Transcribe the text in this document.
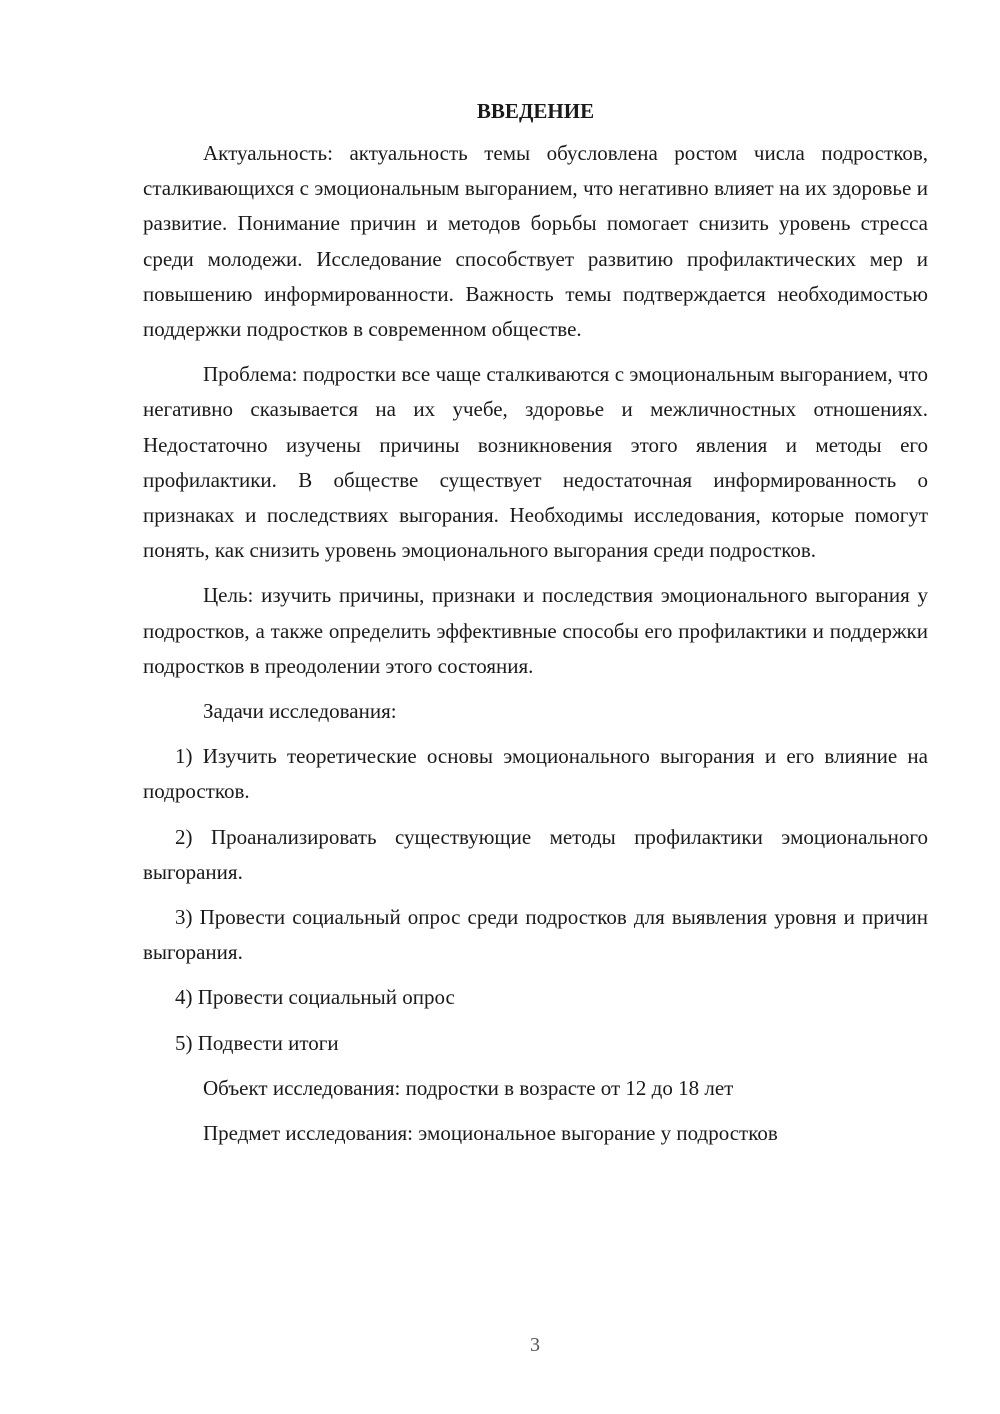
ВВЕДЕНИЕ

Актуальность: актуальность темы обусловлена ростом числа подростков, сталкивающихся с эмоциональным выгоранием, что негативно влияет на их здоровье и развитие. Понимание причин и методов борьбы помогает снизить уровень стресса среди молодежи. Исследование способствует развитию профилактических мер и повышению информированности. Важность темы подтверждается необходимостью поддержки подростков в современном обществе.

Проблема: подростки все чаще сталкиваются с эмоциональным выгоранием, что негативно сказывается на их учебе, здоровье и межличностных отношениях. Недостаточно изучены причины возникновения этого явления и методы его профилактики. В обществе существует недостаточная информированность о признаках и последствиях выгорания. Необходимы исследования, которые помогут понять, как снизить уровень эмоционального выгорания среди подростков.

Цель: изучить причины, признаки и последствия эмоционального выгорания у подростков, а также определить эффективные способы его профилактики и поддержки подростков в преодолении этого состояния.

Задачи исследования:

1) Изучить теоретические основы эмоционального выгорания и его влияние на подростков.

2) Проанализировать существующие методы профилактики эмоционального выгорания.

3) Провести социальный опрос среди подростков для выявления уровня и причин выгорания.

4) Провести социальный опрос

5) Подвести итоги

Объект исследования: подростки в возрасте от 12 до 18 лет

Предмет исследования: эмоциональное выгорание у подростков

3
